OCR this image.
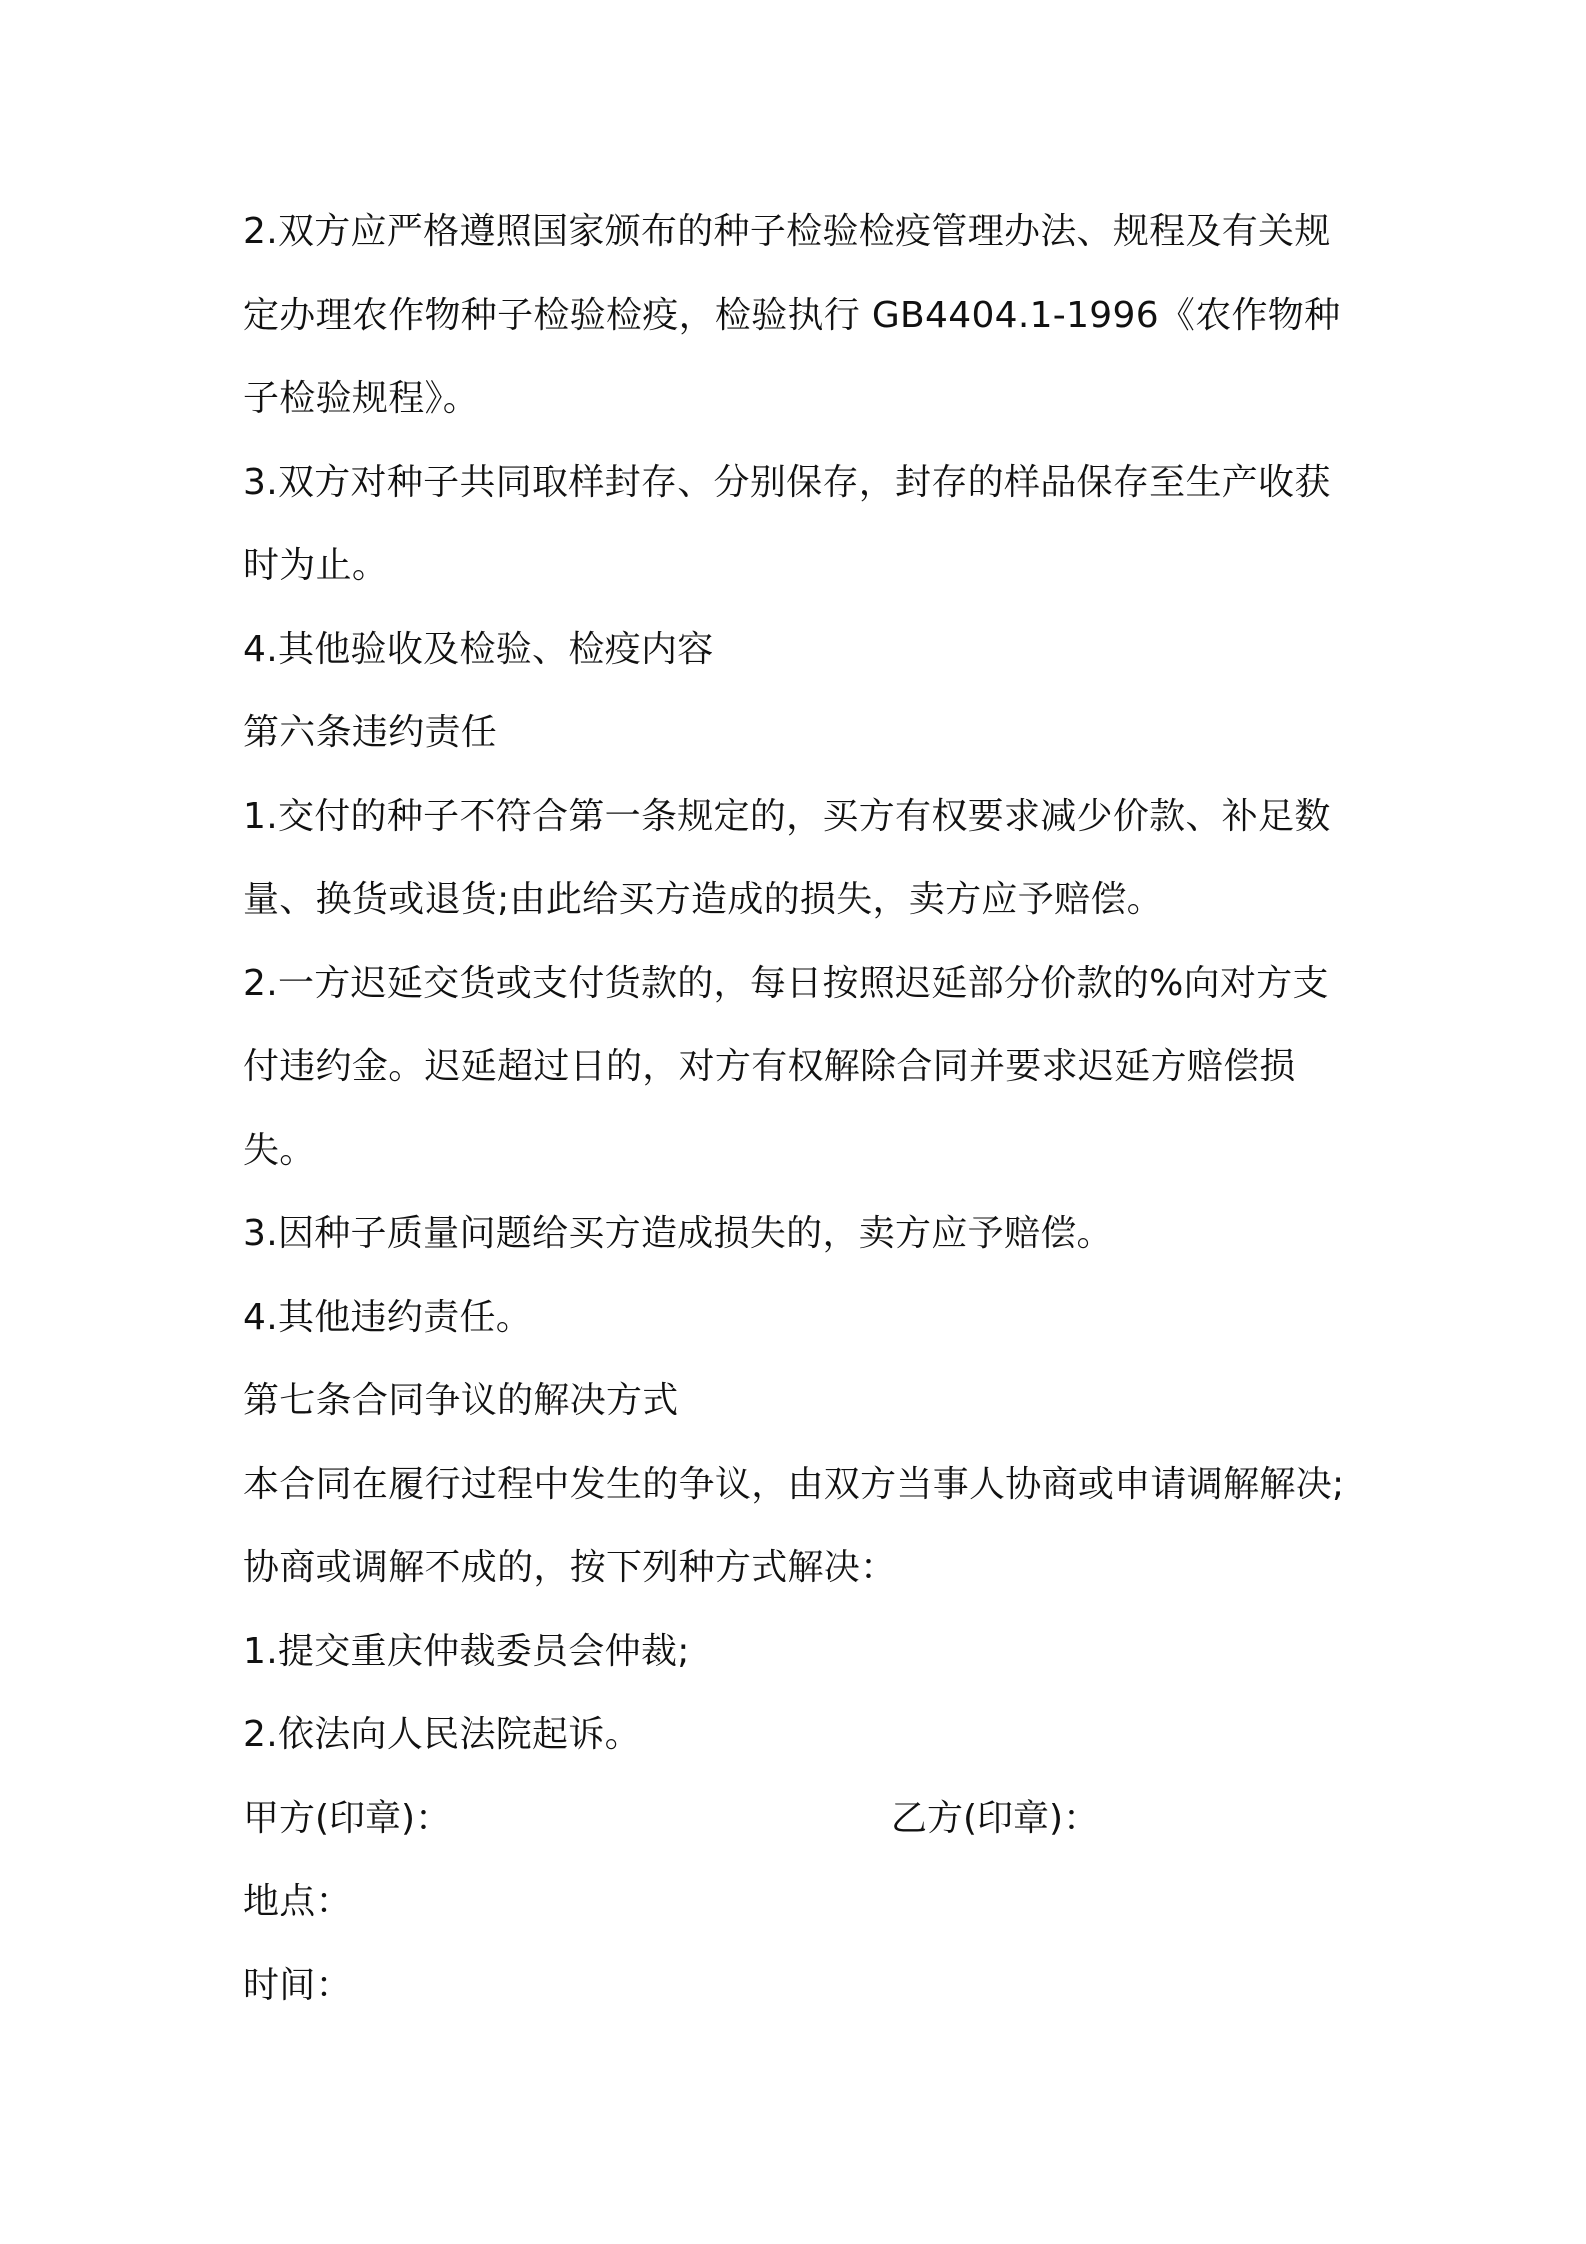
2.双方应严格遵照国家颁布的种子检验检疫管理办法、规程及有关规定办理农作物种子检验检疫，检验执行 GB4404.1-1996《农作物种子检验规程》。

3.双方对种子共同取样封存、分别保存，封存的样品保存至生产收获时为止。

4.其他验收及检验、检疫内容

第六条违约责任

1.交付的种子不符合第一条规定的，买方有权要求减少价款、补足数量、换货或退货;由此给买方造成的损失，卖方应予赔偿。

2.一方迟延交货或支付货款的，每日按照迟延部分价款的%向对方支付违约金。迟延超过日的，对方有权解除合同并要求迟延方赔偿损失。

3.因种子质量问题给买方造成损失的，卖方应予赔偿。

4.其他违约责任。

第七条合同争议的解决方式

本合同在履行过程中发生的争议，由双方当事人协商或申请调解解决;协商或调解不成的，按下列种方式解决：

1.提交重庆仲裁委员会仲裁;

2.依法向人民法院起诉。

甲方(印章)：	乙方(印章)：

地点：

时间：
